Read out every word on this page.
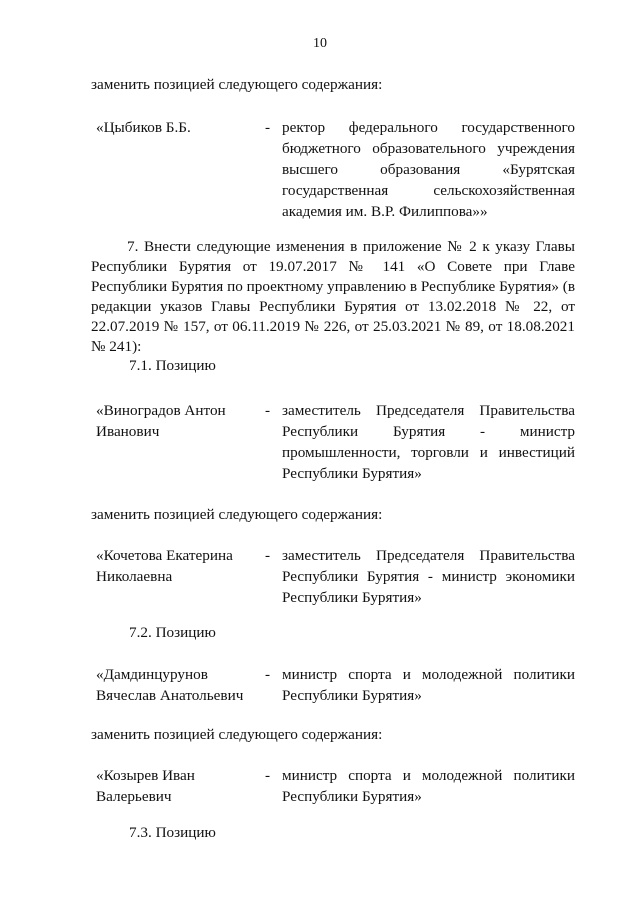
10
заменить позицией следующего содержания:
«Цыбиков Б.Б.	- ректор федерального государственного бюджетного образовательного учреждения высшего образования «Бурятская государственная сельскохозяйственная академия им. В.Р. Филиппова»»
7. Внести следующие изменения в приложение № 2 к указу Главы Республики Бурятия от 19.07.2017 № 141 «О Совете при Главе Республики Бурятия по проектному управлению в Республике Бурятия» (в редакции указов Главы Республики Бурятия от 13.02.2018 № 22, от 22.07.2019 № 157, от 06.11.2019 № 226, от 25.03.2021 № 89, от 18.08.2021 № 241):
7.1. Позицию
«Виноградов Антон Иванович
- заместитель Председателя Правительства Республики Бурятия - министр промышленности, торговли и инвестиций Республики Бурятия»
заменить позицией следующего содержания:
«Кочетова Екатерина Николаевна
- заместитель Председателя Правительства Республики Бурятия - министр экономики Республики Бурятия»
7.2. Позицию
«Дамдинцурунов Вячеслав Анатольевич
- министр спорта и молодежной политики Республики Бурятия»
заменить позицией следующего содержания:
«Козырев Иван Валерьевич
- министр спорта и молодежной политики Республики Бурятия»
7.3. Позицию
